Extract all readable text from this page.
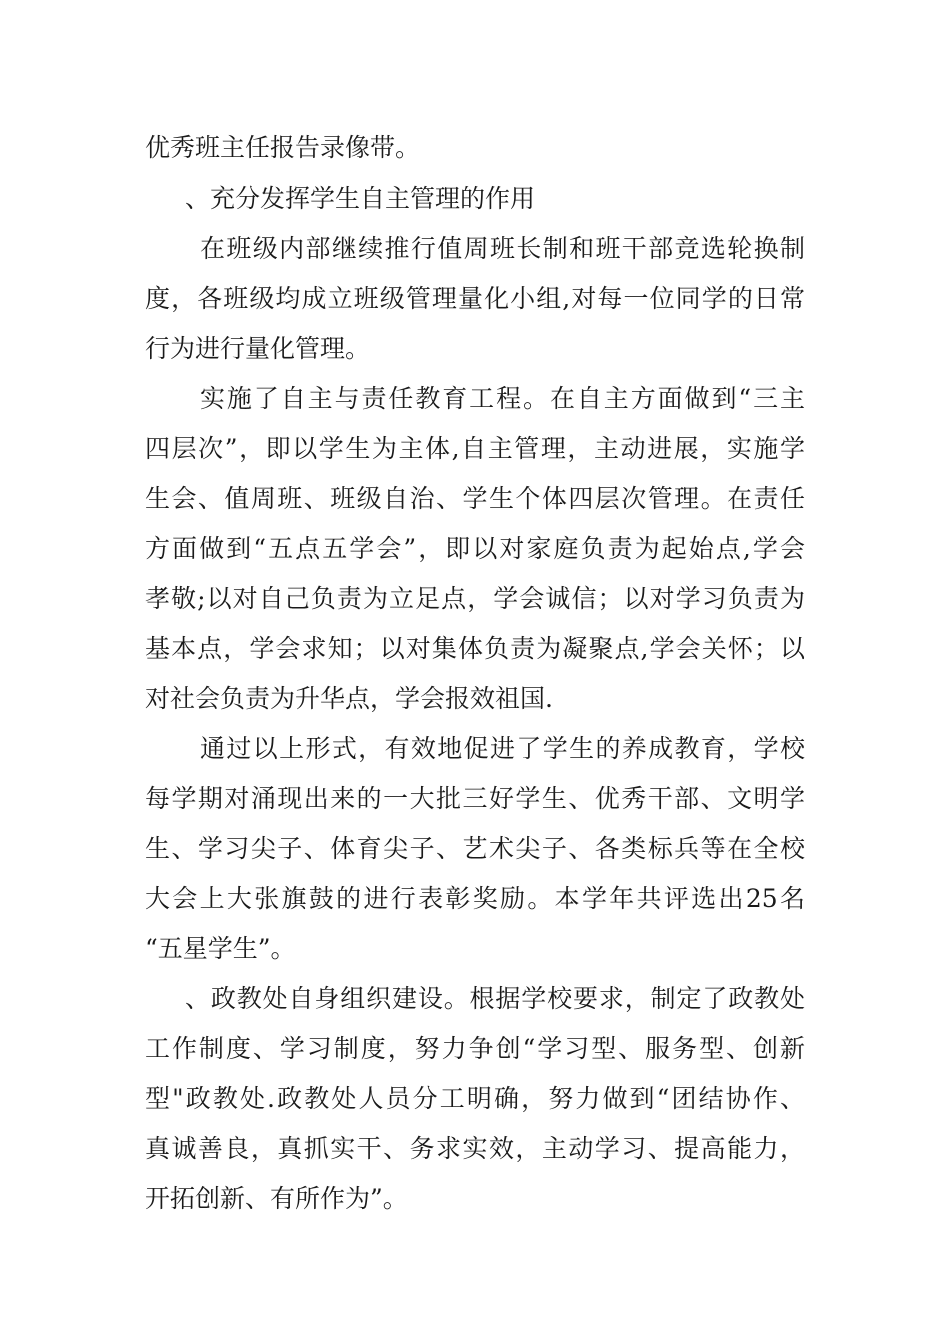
优秀班主任报告录像带。
、充分发挥学生自主管理的作用
在班级内部继续推行值周班长制和班干部竞选轮换制
度，各班级均成立班级管理量化小组,对每一位同学的日常
行为进行量化管理。
实施了自主与责任教育工程。在自主方面做到“三主
四层次”，即以学生为主体,自主管理，主动进展，实施学
生会、值周班、班级自治、学生个体四层次管理。在责任
方面做到“五点五学会”，即以对家庭负责为起始点,学会
孝敬;以对自己负责为立足点，学会诚信；以对学习负责为
基本点，学会求知；以对集体负责为凝聚点,学会关怀；以
对社会负责为升华点，学会报效祖国.
通过以上形式，有效地促进了学生的养成教育，学校
每学期对涌现出来的一大批三好学生、优秀干部、文明学
生、学习尖子、体育尖子、艺术尖子、各类标兵等在全校
大会上大张旗鼓的进行表彰奖励。本学年共评选出25名
“五星学生”。
、政教处自身组织建设。根据学校要求，制定了政教处
工作制度、学习制度，努力争创“学习型、服务型、创新
型"政教处.政教处人员分工明确，努力做到“团结协作、
真诚善良，真抓实干、务求实效，主动学习、提高能力，
开拓创新、有所作为”。
